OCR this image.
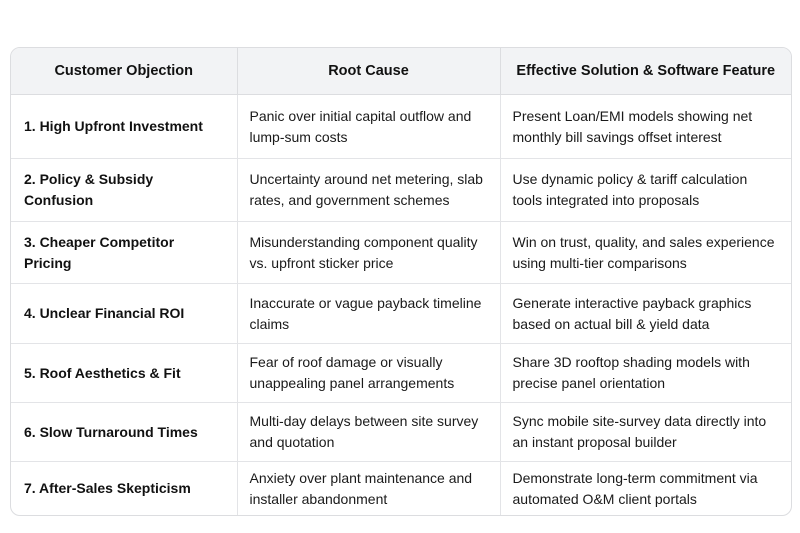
Customer Objection	Root Cause	Effective Solution & Software Feature
1. High Upfront Investment	Panic over initial capital outflow and lump-sum costs	Present Loan/EMI models showing net monthly bill savings offset interest
2. Policy & Subsidy Confusion	Uncertainty around net metering, slab rates, and government schemes	Use dynamic policy & tariff calculation tools integrated into proposals
3. Cheaper Competitor Pricing	Misunderstanding component quality vs. upfront sticker price	Win on trust, quality, and sales experience using multi-tier comparisons
4. Unclear Financial ROI	Inaccurate or vague payback timeline claims	Generate interactive payback graphics based on actual bill & yield data
5. Roof Aesthetics & Fit	Fear of roof damage or visually unappealing panel arrangements	Share 3D rooftop shading models with precise panel orientation
6. Slow Turnaround Times	Multi-day delays between site survey and quotation	Sync mobile site-survey data directly into an instant proposal builder
7. After-Sales Skepticism	Anxiety over plant maintenance and installer abandonment	Demonstrate long-term commitment via automated O&M client portals
